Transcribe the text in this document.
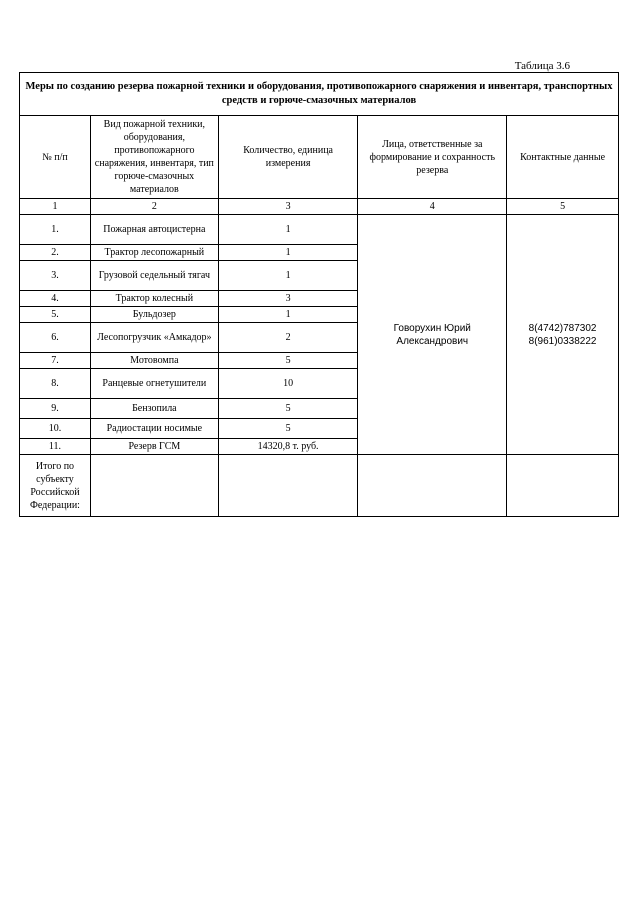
Таблица 3.6
Меры по созданию резерва пожарной техники и оборудования, противопожарного снаряжения и инвентаря, транспортных средств и горюче-смазочных материалов				
№ п/п	Вид пожарной техники, оборудования, противопожарного снаряжения, инвентаря, тип горюче-смазочных материалов	Количество, единица измерения	Лица, ответственные за формирование и сохранность резерва	Контактные данные
1	2	3	4	5
1.	Пожарная автоцистерна	1	Говорухин Юрий Александрович	8(4742)787302
8(961)0338222

2.	Трактор лесопожарный	1		
3.	Грузовой седельный тягач	1		
4.	Трактор колесный	3		
5.	Бульдозер	1		
6.	Лесопогрузчик «Амкадор»	2		
7.	Мотовомпа	5		
8.	Ранцевые огнетушители	10		
9.	Бензопила	5		
10.	Радиостации носимые	5		
11.	Резерв ГСМ	14320,8 т. руб.		
Итого по субъекту Российской Федерации:				
